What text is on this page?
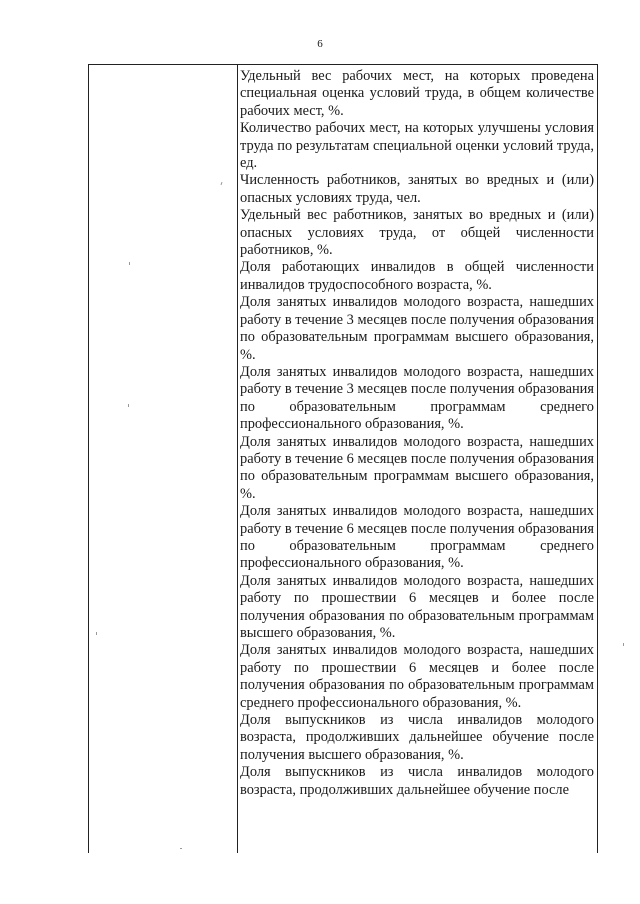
6

Удельный вес рабочих мест, на которых проведена специальная оценка условий труда, в общем количестве рабочих мест, %.

Количество рабочих мест, на которых улучшены условия труда по результатам специальной оценки условий труда, ед.

Численность работников, занятых во вредных и (или) опасных условиях труда, чел.

Удельный вес работников, занятых во вредных и (или) опасных условиях труда, от общей численности работников, %.

Доля работающих инвалидов в общей численности инвалидов трудоспособного возраста, %.

Доля занятых инвалидов молодого возраста, нашедших работу в течение 3 месяцев после получения образования по образовательным программам высшего образования, %.

Доля занятых инвалидов молодого возраста, нашедших работу в течение 3 месяцев после получения образования по образовательным программам среднего профессионального образования, %.

Доля занятых инвалидов молодого возраста, нашедших работу в течение 6 месяцев после получения образования по образовательным программам высшего образования, %.

Доля занятых инвалидов молодого возраста, нашедших работу в течение 6 месяцев после получения образования по образовательным программам среднего профессионального образования, %.

Доля занятых инвалидов молодого возраста, нашедших работу по прошествии 6 месяцев и более после получения образования по образовательным программам высшего образования, %.

Доля занятых инвалидов молодого возраста, нашедших работу по прошествии 6 месяцев и более после получения образования по образовательным программам среднего профессионального образования, %.

Доля выпускников из числа инвалидов молодого возраста, продолживших дальнейшее обучение после получения высшего образования, %.

Доля выпускников из числа инвалидов молодого возраста, продолживших дальнейшее обучение после
